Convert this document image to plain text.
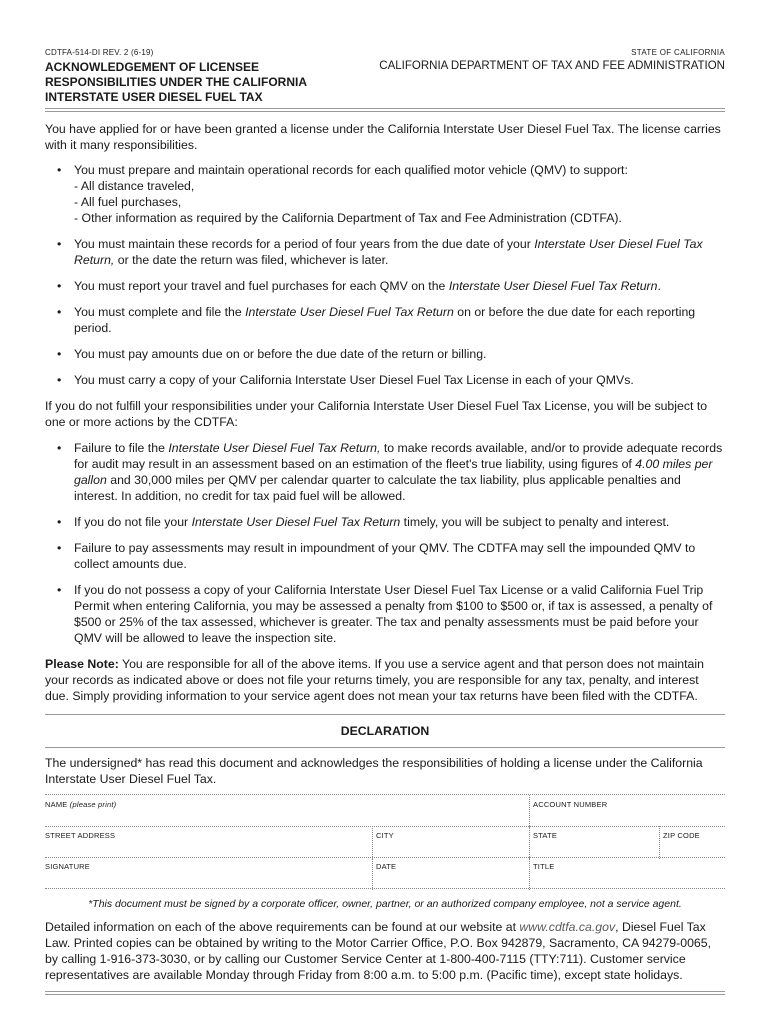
CDTFA-514-DI REV. 2 (6-19)
ACKNOWLEDGEMENT OF LICENSEE
RESPONSIBILITIES UNDER THE CALIFORNIA
INTERSTATE USER DIESEL FUEL TAX
STATE OF CALIFORNIA
CALIFORNIA DEPARTMENT OF TAX AND FEE ADMINISTRATION

You have applied for or have been granted a license under the California Interstate User Diesel Fuel Tax. The license carries with it many responsibilities.

• You must prepare and maintain operational records for each qualified motor vehicle (QMV) to support:
- All distance traveled,
- All fuel purchases,
- Other information as required by the California Department of Tax and Fee Administration (CDTFA).
• You must maintain these records for a period of four years from the due date of your Interstate User Diesel Fuel Tax Return, or the date the return was filed, whichever is later.
• You must report your travel and fuel purchases for each QMV on the Interstate User Diesel Fuel Tax Return.
• You must complete and file the Interstate User Diesel Fuel Tax Return on or before the due date for each reporting period.
• You must pay amounts due on or before the due date of the return or billing.
• You must carry a copy of your California Interstate User Diesel Fuel Tax License in each of your QMVs.

If you do not fulfill your responsibilities under your California Interstate User Diesel Fuel Tax License, you will be subject to one or more actions by the CDTFA:

• Failure to file the Interstate User Diesel Fuel Tax Return, to make records available, and/or to provide adequate records for audit may result in an assessment based on an estimation of the fleet's true liability, using figures of 4.00 miles per gallon and 30,000 miles per QMV per calendar quarter to calculate the tax liability, plus applicable penalties and interest. In addition, no credit for tax paid fuel will be allowed.
• If you do not file your Interstate User Diesel Fuel Tax Return timely, you will be subject to penalty and interest.
• Failure to pay assessments may result in impoundment of your QMV. The CDTFA may sell the impounded QMV to collect amounts due.
• If you do not possess a copy of your California Interstate User Diesel Fuel Tax License or a valid California Fuel Trip Permit when entering California, you may be assessed a penalty from $100 to $500 or, if tax is assessed, a penalty of $500 or 25% of the tax assessed, whichever is greater. The tax and penalty assessments must be paid before your QMV will be allowed to leave the inspection site.

Please Note: You are responsible for all of the above items. If you use a service agent and that person does not maintain your records as indicated above or does not file your returns timely, you are responsible for any tax, penalty, and interest due. Simply providing information to your service agent does not mean your tax returns have been filed with the CDTFA.

DECLARATION

The undersigned* has read this document and acknowledges the responsibilities of holding a license under the California Interstate User Diesel Fuel Tax.

NAME (please print)	ACCOUNT NUMBER
STREET ADDRESS	CITY	STATE	ZIP CODE
SIGNATURE	DATE	TITLE

*This document must be signed by a corporate officer, owner, partner, or an authorized company employee, not a service agent.

Detailed information on each of the above requirements can be found at our website at www.cdtfa.ca.gov, Diesel Fuel Tax Law. Printed copies can be obtained by writing to the Motor Carrier Office, P.O. Box 942879, Sacramento, CA 94279-0065, by calling 1-916-373-3030, or by calling our Customer Service Center at 1-800-400-7115 (TTY:711). Customer service representatives are available Monday through Friday from 8:00 a.m. to 5:00 p.m. (Pacific time), except state holidays.
